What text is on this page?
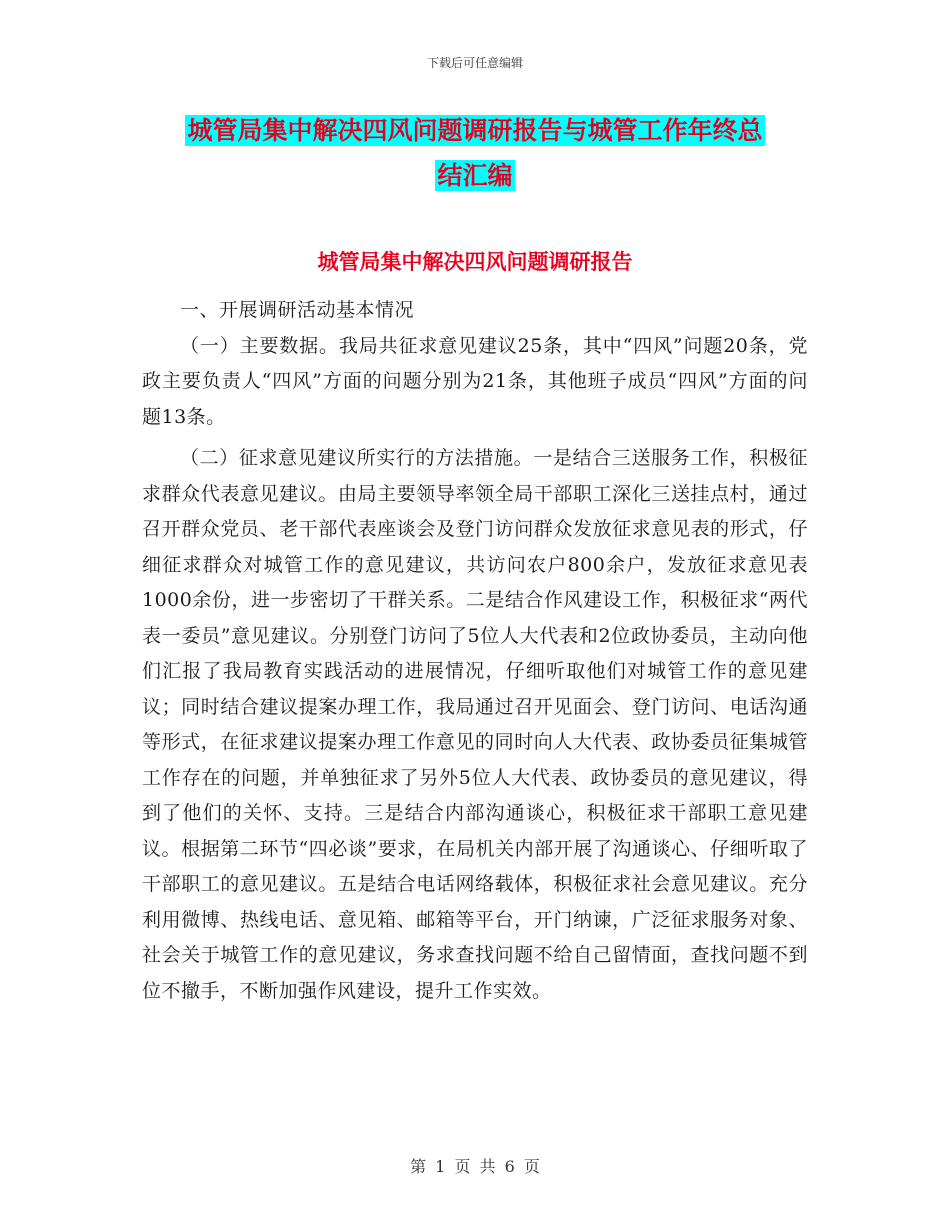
下载后可任意编辑
城管局集中解决四风问题调研报告与城管工作年终总
结汇编
城管局集中解决四风问题调研报告

一、开展调研活动基本情况

（一）主要数据。我局共征求意见建议25条，其中“四风”问题20条，党政主要负责人“四风”方面的问题分别为21条，其他班子成员“四风”方面的问题13条。

（二）征求意见建议所实行的方法措施。一是结合三送服务工作，积极征求群众代表意见建议。由局主要领导率领全局干部职工深化三送挂点村，通过召开群众党员、老干部代表座谈会及登门访问群众发放征求意见表的形式，仔细征求群众对城管工作的意见建议，共访问农户800余户，发放征求意见表1000余份，进一步密切了干群关系。二是结合作风建设工作，积极征求“两代表一委员”意见建议。分别登门访问了5位人大代表和2位政协委员，主动向他们汇报了我局教育实践活动的进展情况，仔细听取他们对城管工作的意见建议；同时结合建议提案办理工作，我局通过召开见面会、登门访问、电话沟通等形式，在征求建议提案办理工作意见的同时向人大代表、政协委员征集城管工作存在的问题，并单独征求了另外5位人大代表、政协委员的意见建议，得到了他们的关怀、支持。三是结合内部沟通谈心，积极征求干部职工意见建议。根据第二环节“四必谈”要求，在局机关内部开展了沟通谈心、仔细听取了干部职工的意见建议。五是结合电话网络载体，积极征求社会意见建议。充分利用微博、热线电话、意见箱、邮箱等平台，开门纳谏，广泛征求服务对象、社会关于城管工作的意见建议，务求查找问题不给自己留情面，查找问题不到位不撤手，不断加强作风建设，提升工作实效。

第 1 页 共 6 页
